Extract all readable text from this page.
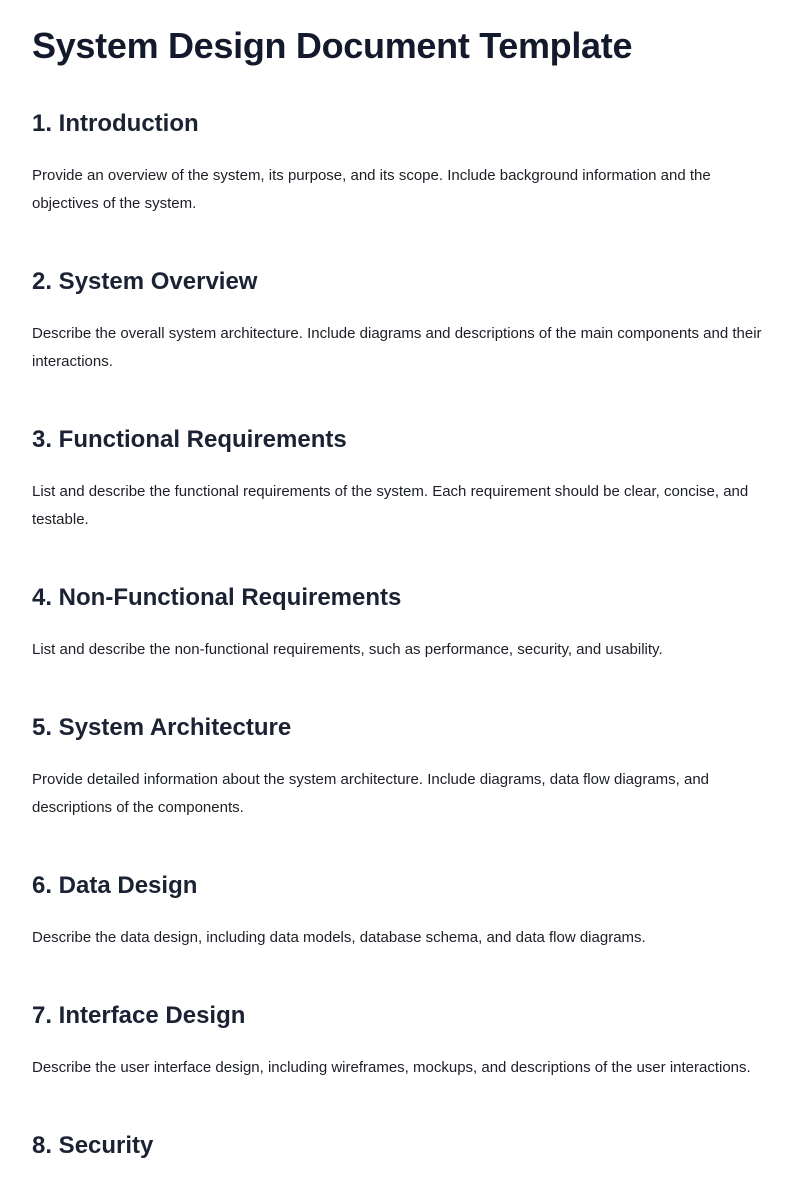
System Design Document Template
1. Introduction

Provide an overview of the system, its purpose, and its scope. Include background information and the objectives of the system.

2. System Overview

Describe the overall system architecture. Include diagrams and descriptions of the main components and their interactions.

3. Functional Requirements

List and describe the functional requirements of the system. Each requirement should be clear, concise, and testable.

4. Non-Functional Requirements

List and describe the non-functional requirements, such as performance, security, and usability.

5. System Architecture

Provide detailed information about the system architecture. Include diagrams, data flow diagrams, and descriptions of the components.

6. Data Design

Describe the data design, including data models, database schema, and data flow diagrams.

7. Interface Design

Describe the user interface design, including wireframes, mockups, and descriptions of the user interactions.

8. Security
